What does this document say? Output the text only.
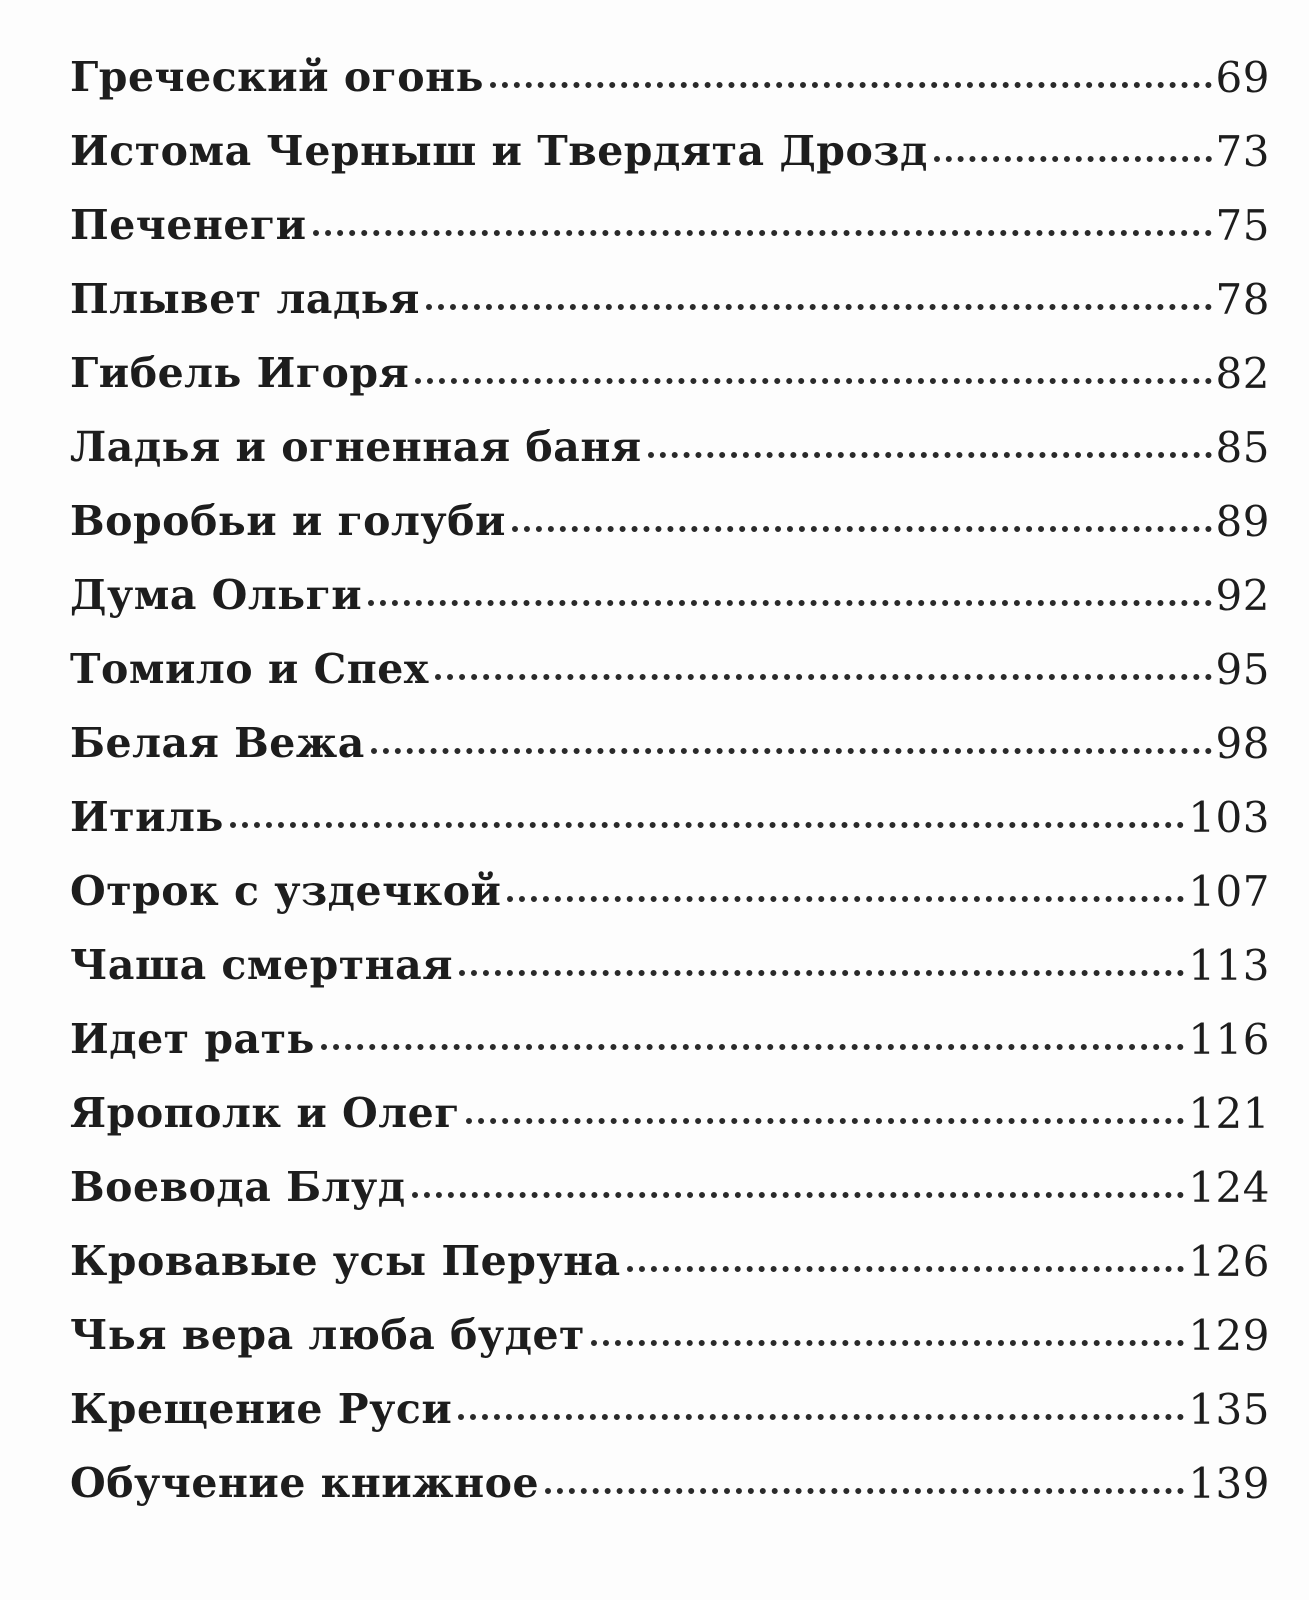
Греческий огонь	69
Истома Черныш и Твердята Дрозд	73
Печенеги	75
Плывет ладья	78
Гибель Игоря	82
Ладья и огненная баня	85
Воробьи и голуби	89
Дума Ольги	92
Томило и Спех	95
Белая Вежа	98
Итиль	103
Отрок с уздечкой	107
Чаша смертная	113
Идет рать	116
Ярополк и Олег	121
Воевода Блуд	124
Кровавые усы Перуна	126
Чья вера люба будет	129
Крещение Руси	135
Обучение книжное	139
